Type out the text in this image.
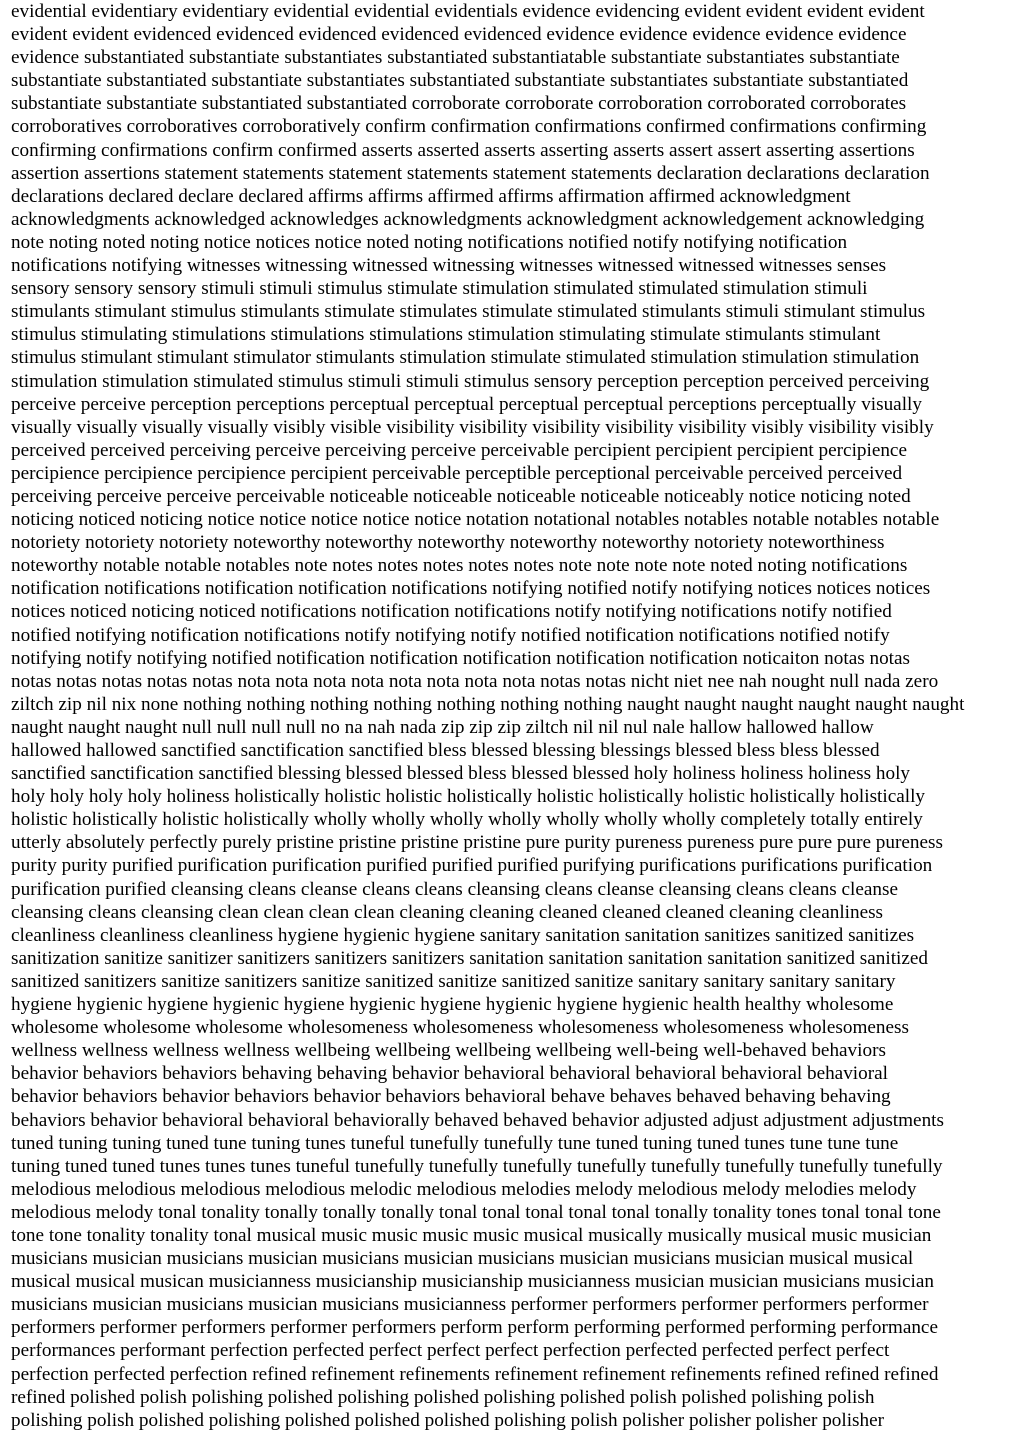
evidential evidentiary evidentiary evidential evidential evidentials evidence evidencing evident evident evident evident
evident evident evidenced evidenced evidenced evidenced evidenced evidence evidence evidence evidence evidence
evidence substantiated substantiate substantiates substantiated substantiatable substantiate substantiates substantiate
substantiate substantiated substantiate substantiates substantiated substantiate substantiates substantiate substantiated
substantiate substantiate substantiated substantiated corroborate corroborate corroboration corroborated corroborates
corroboratives corroboratives corroboratively confirm confirmation confirmations confirmed confirmations confirming
confirming confirmations confirm confirmed asserts asserted asserts asserting asserts assert assert asserting assertions
assertion assertions statement statements statement statements statement statements declaration declarations declaration
declarations declared declare declared affirms affirms affirmed affirms affirmation affirmed acknowledgment
acknowledgments acknowledged acknowledges acknowledgments acknowledgment acknowledgement acknowledging
note noting noted noting notice notices notice noted noting notifications notified notify notifying notification
notifications notifying witnesses witnessing witnessed witnessing witnesses witnessed witnessed witnesses senses
sensory sensory sensory stimuli stimuli stimulus stimulate stimulation stimulated stimulated stimulation stimuli
stimulants stimulant stimulus stimulants stimulate stimulates stimulate stimulated stimulants stimuli stimulant stimulus
stimulus stimulating stimulations stimulations stimulations stimulation stimulating stimulate stimulants stimulant
stimulus stimulant stimulant stimulator stimulants stimulation stimulate stimulated stimulation stimulation stimulation
stimulation stimulation stimulated stimulus stimuli stimuli stimulus sensory perception perception perceived perceiving
perceive perceive perception perceptions perceptual perceptual perceptual perceptual perceptions perceptually visually
visually visually visually visually visibly visible visibility visibility visibility visibility visibility visibly visibility visibly
perceived perceived perceiving perceive perceiving perceive perceivable percipient percipient percipient percipience
percipience percipience percipience percipient perceivable perceptible perceptional perceivable perceived perceived
perceiving perceive perceive perceivable noticeable noticeable noticeable noticeable noticeably notice noticing noted
noticing noticed noticing notice notice notice notice notice notation notational notables notables notable notables notable
notoriety notoriety notoriety noteworthy noteworthy noteworthy noteworthy noteworthy notoriety noteworthiness
noteworthy notable notable notables note notes notes notes notes notes note note note note noted noting notifications
notification notifications notification notification notifications notifying notified notify notifying notices notices notices
notices noticed noticing noticed notifications notification notifications notify notifying notifications notify notified
notified notifying notification notifications notify notifying notify notified notification notifications notified notify
notifying notify notifying notified notification notification notification notification notification noticaiton notas notas
notas notas notas notas notas nota nota nota nota nota nota nota nota notas notas nicht niet nee nah nought null nada zero
ziltch zip nil nix none nothing nothing nothing nothing nothing nothing nothing naught naught naught naught naught naught
naught naught naught null null null null no na nah nada zip zip zip ziltch nil nil nul nale hallow hallowed hallow
hallowed hallowed sanctified sanctification sanctified bless blessed blessing blessings blessed bless bless blessed
sanctified sanctification sanctified blessing blessed blessed bless blessed blessed holy holiness holiness holiness holy
holy holy holy holy holiness holistically holistic holistic holistically holistic holistically holistic holistically holistically
holistic holistically holistic holistically wholly wholly wholly wholly wholly wholly wholly completely totally entirely
utterly absolutely perfectly purely pristine pristine pristine pristine pure purity pureness pureness pure pure pure pureness
purity purity purified purification purification purified purified purified purifying purifications purifications purification
purification purified cleansing cleans cleanse cleans cleans cleansing cleans cleanse cleansing cleans cleans cleanse
cleansing cleans cleansing clean clean clean clean cleaning cleaning cleaned cleaned cleaned cleaning cleanliness
cleanliness cleanliness cleanliness hygiene hygienic hygiene sanitary sanitation sanitation sanitizes sanitized sanitizes
sanitization sanitize sanitizer sanitizers sanitizers sanitizers sanitation sanitation sanitation sanitation sanitized sanitized
sanitized sanitizers sanitize sanitizers sanitize sanitized sanitize sanitized sanitize sanitary sanitary sanitary sanitary
hygiene hygienic hygiene hygienic hygiene hygienic hygiene hygienic hygiene hygienic health healthy wholesome
wholesome wholesome wholesome wholesomeness wholesomeness wholesomeness wholesomeness wholesomeness
wellness wellness wellness wellness wellbeing wellbeing wellbeing wellbeing well-being well-behaved behaviors
behavior behaviors behaviors behaving behaving behavior behavioral behavioral behavioral behavioral behavioral
behavior behaviors behavior behaviors behavior behaviors behavioral behave behaves behaved behaving behaving
behaviors behavior behavioral behavioral behaviorally behaved behaved behavior adjusted adjust adjustment adjustments
tuned tuning tuning tuned tune tuning tunes tuneful tunefully tunefully tune tuned tuning tuned tunes tune tune tune
tuning tuned tuned tunes tunes tunes tuneful tunefully tunefully tunefully tunefully tunefully tunefully tunefully tunefully
melodious melodious melodious melodious melodic melodious melodies melody melodious melody melodies melody
melodious melody tonal tonality tonally tonally tonally tonal tonal tonal tonal tonal tonally tonality tones tonal tonal tone
tone tone tonality tonality tonal musical music music music music musical musically musically musical music musician
musicians musician musicians musician musicians musician musicians musician musicians musician musical musical
musical musical musican musicianness musicianship musicianship musicianness musician musician musicians musician
musicians musician musicians musician musicians musicianness performer performers performer performers performer
performers performer performers performer performers perform perform performing performed performing performance
performances performant perfection perfected perfect perfect perfect perfection perfected perfected perfect perfect
perfection perfected perfection refined refinement refinements refinement refinement refinements refined refined refined
refined polished polish polishing polished polishing polished polishing polished polish polished polishing polish
polishing polish polished polishing polished polished polished polishing polish polisher polisher polisher polisher
